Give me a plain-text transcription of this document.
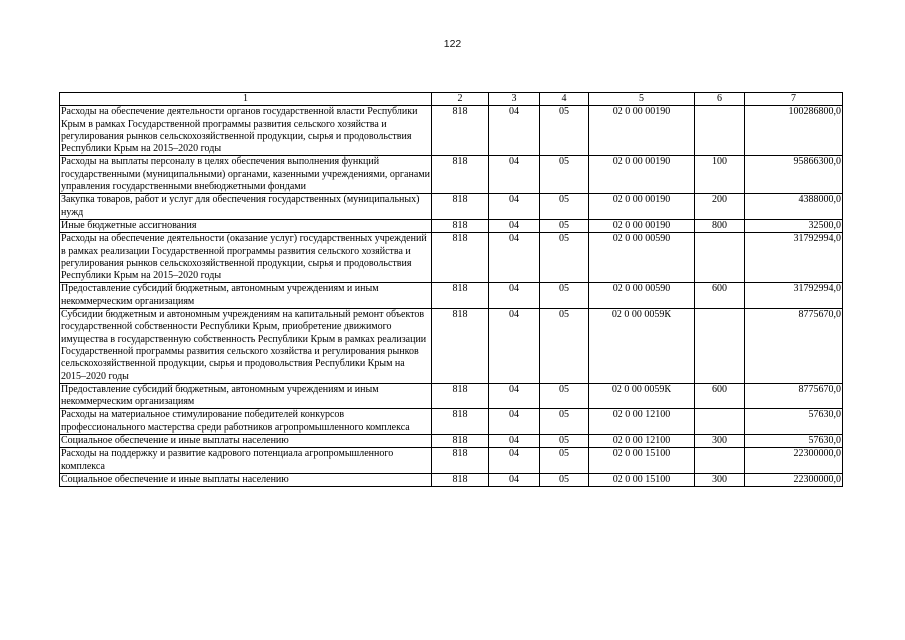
122
1	2	3	4	5	6	7
Расходы на обеспечение деятельности органов государственной власти Республики Крым в рамках Государственной программы развития сельского хозяйства и регулирования рынков сельскохозяйственной продукции, сырья и продовольствия Республики Крым на 2015–2020 годы	818	04	05	02 0 00 00190		100286800,0
Расходы на выплаты персоналу в целях обеспечения выполнения функций государственными (муниципальными) органами, казенными учреждениями, органами управления государственными внебюджетными фондами	818	04	05	02 0 00 00190	100	95866300,0
Закупка товаров, работ и услуг для обеспечения государственных (муниципальных) нужд	818	04	05	02 0 00 00190	200	4388000,0
Иные бюджетные ассигнования	818	04	05	02 0 00 00190	800	32500,0
Расходы на обеспечение деятельности (оказание услуг) государственных учреждений в рамках реализации Государственной программы развития сельского хозяйства и регулирования рынков сельскохозяйственной продукции, сырья и продовольствия Республики Крым на 2015–2020 годы	818	04	05	02 0 00 00590		31792994,0
Предоставление субсидий бюджетным, автономным учреждениям и иным некоммерческим организациям	818	04	05	02 0 00 00590	600	31792994,0
Субсидии бюджетным и автономным учреждениям на капитальный ремонт объектов государственной собственности Республики Крым, приобретение движимого имущества в государственную собственность Республики Крым в рамках реализации Государственной программы развития сельского хозяйства и регулирования рынков сельскохозяйственной продукции, сырья и продовольствия Республики Крым на 2015–2020 годы	818	04	05	02 0 00 0059К		8775670,0
Предоставление субсидий бюджетным, автономным учреждениям и иным некоммерческим организациям	818	04	05	02 0 00 0059К	600	8775670,0
Расходы на материальное стимулирование победителей конкурсов профессионального мастерства среди работников агропромышленного комплекса	818	04	05	02 0 00 12100		57630,0
Социальное обеспечение и иные выплаты населению	818	04	05	02 0 00 12100	300	57630,0
Расходы на поддержку и развитие кадрового потенциала агропромышленного комплекса	818	04	05	02 0 00 15100		22300000,0
Социальное обеспечение и иные выплаты населению	818	04	05	02 0 00 15100	300	22300000,0
